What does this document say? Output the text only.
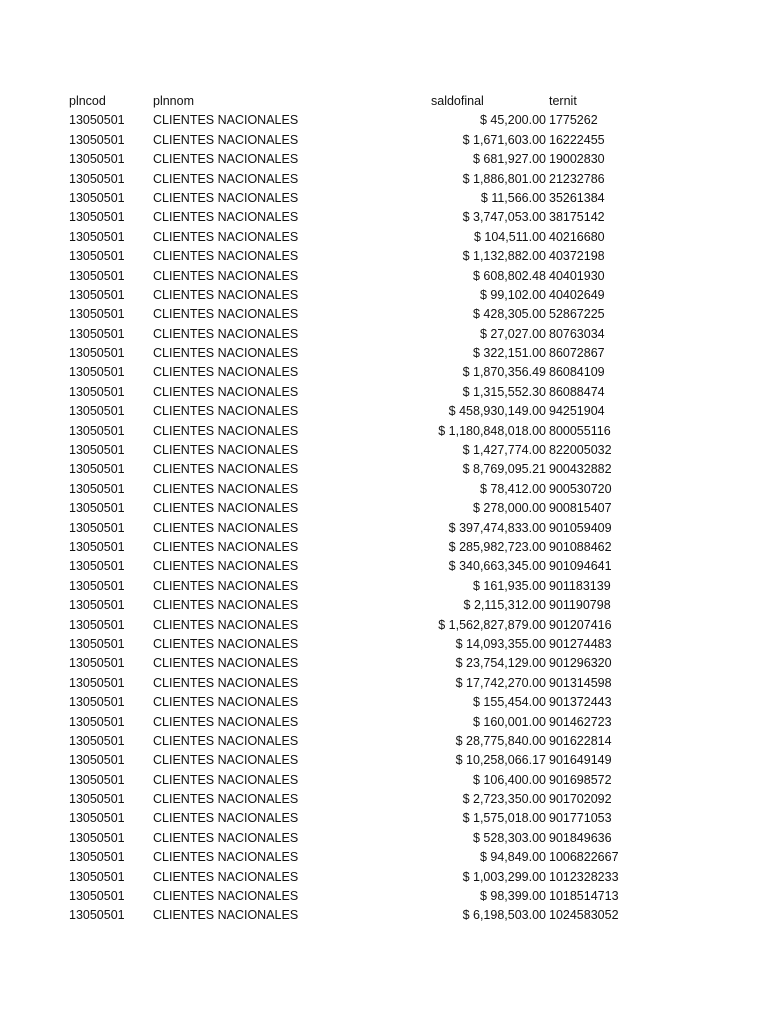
plncod	plnnom	saldofinal	ternit
13050501 CLIENTES NACIONALES	$ 45,200.00 1775262
13050501 CLIENTES NACIONALES	$ 1,671,603.00 16222455
13050501 CLIENTES NACIONALES	$ 681,927.00 19002830
13050501 CLIENTES NACIONALES	$ 1,886,801.00 21232786
13050501 CLIENTES NACIONALES	$ 11,566.00 35261384
13050501 CLIENTES NACIONALES	$ 3,747,053.00 38175142
13050501 CLIENTES NACIONALES	$ 104,511.00 40216680
13050501 CLIENTES NACIONALES	$ 1,132,882.00 40372198
13050501 CLIENTES NACIONALES	$ 608,802.48 40401930
13050501 CLIENTES NACIONALES	$ 99,102.00 40402649
13050501 CLIENTES NACIONALES	$ 428,305.00 52867225
13050501 CLIENTES NACIONALES	$ 27,027.00 80763034
13050501 CLIENTES NACIONALES	$ 322,151.00 86072867
13050501 CLIENTES NACIONALES	$ 1,870,356.49 86084109
13050501 CLIENTES NACIONALES	$ 1,315,552.30 86088474
13050501 CLIENTES NACIONALES	$ 458,930,149.00 94251904
13050501 CLIENTES NACIONALES	$ 1,180,848,018.00 800055116
13050501 CLIENTES NACIONALES	$ 1,427,774.00 822005032
13050501 CLIENTES NACIONALES	$ 8,769,095.21 900432882
13050501 CLIENTES NACIONALES	$ 78,412.00 900530720
13050501 CLIENTES NACIONALES	$ 278,000.00 900815407
13050501 CLIENTES NACIONALES	$ 397,474,833.00 901059409
13050501 CLIENTES NACIONALES	$ 285,982,723.00 901088462
13050501 CLIENTES NACIONALES	$ 340,663,345.00 901094641
13050501 CLIENTES NACIONALES	$ 161,935.00 901183139
13050501 CLIENTES NACIONALES	$ 2,115,312.00 901190798
13050501 CLIENTES NACIONALES	$ 1,562,827,879.00 901207416
13050501 CLIENTES NACIONALES	$ 14,093,355.00 901274483
13050501 CLIENTES NACIONALES	$ 23,754,129.00 901296320
13050501 CLIENTES NACIONALES	$ 17,742,270.00 901314598
13050501 CLIENTES NACIONALES	$ 155,454.00 901372443
13050501 CLIENTES NACIONALES	$ 160,001.00 901462723
13050501 CLIENTES NACIONALES	$ 28,775,840.00 901622814
13050501 CLIENTES NACIONALES	$ 10,258,066.17 901649149
13050501 CLIENTES NACIONALES	$ 106,400.00 901698572
13050501 CLIENTES NACIONALES	$ 2,723,350.00 901702092
13050501 CLIENTES NACIONALES	$ 1,575,018.00 901771053
13050501 CLIENTES NACIONALES	$ 528,303.00 901849636
13050501 CLIENTES NACIONALES	$ 94,849.00 1006822667
13050501 CLIENTES NACIONALES	$ 1,003,299.00 1012328233
13050501 CLIENTES NACIONALES	$ 98,399.00 1018514713
13050501 CLIENTES NACIONALES	$ 6,198,503.00 1024583052
